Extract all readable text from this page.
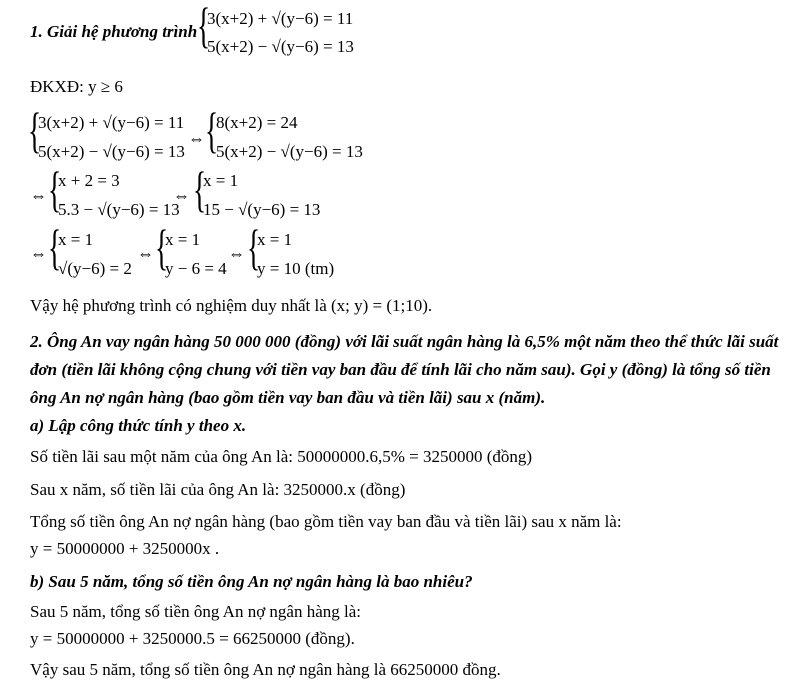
1. Giải hệ phương trình {
3(x+2) + √(y−6) = 11
5(x+2) − √(y−6) = 13
ĐKXĐ: y ≥ 6
{
3(x+2) + √(y−6) = 11
5(x+2) − √(y−6) = 13
⇔ {
8(x+2) = 24
5(x+2) − √(y−6) = 13
⇔ {
x + 2 = 3
5.3 − √(y−6) = 13
⇔ {
x = 1
15 − √(y−6) = 13
⇔ {
x = 1
√(y−6) = 2
⇔ {
x = 1
y − 6 = 4
⇔ {
x = 1
y = 10 (tm)
Vậy hệ phương trình có nghiệm duy nhất là (x; y) = (1;10).
2. Ông An vay ngân hàng 50 000 000 (đồng) với lãi suất ngân hàng là 6,5% một năm theo thể thức lãi suất
đơn (tiền lãi không cộng chung với tiền vay ban đầu để tính lãi cho năm sau). Gọi y (đồng) là tổng số tiền
ông An nợ ngân hàng (bao gồm tiền vay ban đầu và tiền lãi) sau x (năm).
a) Lập công thức tính y theo x.
Số tiền lãi sau một năm của ông An là: 50000000.6,5% = 3250000 (đồng)
Sau x năm, số tiền lãi của ông An là: 3250000.x (đồng)
Tổng số tiền ông An nợ ngân hàng (bao gồm tiền vay ban đầu và tiền lãi) sau x năm là:
y = 50000000 + 3250000x .
b) Sau 5 năm, tổng số tiền ông An nợ ngân hàng là bao nhiêu?
Sau 5 năm, tổng số tiền ông An nợ ngân hàng là:
y = 50000000 + 3250000.5 = 66250000 (đồng).
Vậy sau 5 năm, tổng số tiền ông An nợ ngân hàng là 66250000 đồng.
